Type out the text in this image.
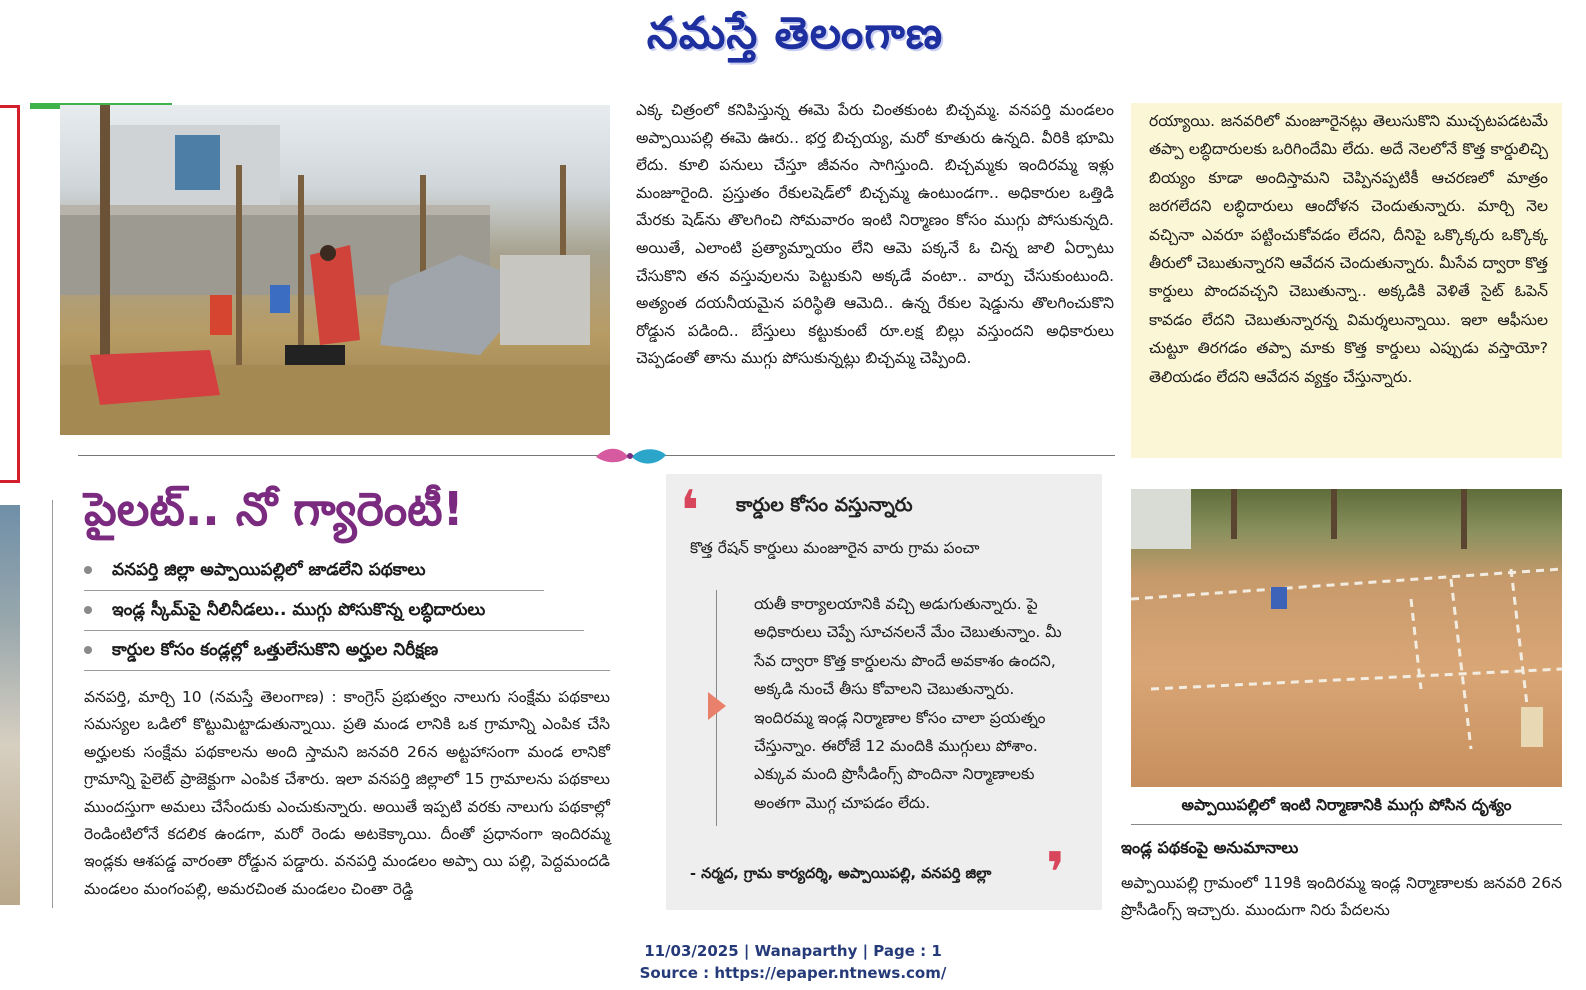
నమస్తే తెలంగాణ
ఎక్క చిత్రంలో కనిపిస్తున్న ఈమె పేరు చింతకుంట బిచ్చమ్మ. వనపర్తి మండలం అప్పాయిపల్లి ఈమె ఊరు.. భర్త బిచ్చయ్య, మరో కూతురు ఉన్నది. వీరికి భూమి లేదు. కూలి పనులు చేస్తూ జీవనం సాగిస్తుంది. బిచ్చమ్మకు ఇందిరమ్మ ఇళ్లు మంజూరైంది. ప్రస్తుతం రేకులషెడ్‌లో బిచ్చమ్మ ఉంటుండగా.. అధికారుల ఒత్తిడి మేరకు షెడ్‌ను తొలగించి సోమవారం ఇంటి నిర్మాణం కోసం ముగ్గు పోసుకున్నది. అయితే, ఎలాంటి ప్రత్యామ్నాయం లేని ఆమె పక్కనే ఓ చిన్న జాలి ఏర్పాటు చేసుకొని తన వస్తువులను పెట్టుకుని అక్కడే వంటా.. వార్పు చేసుకుంటుంది. అత్యంత దయనీయమైన పరిస్థితి ఆమెది.. ఉన్న రేకుల షెడ్డును తొలగించుకొని రోడ్డున పడింది.. బేస్తులు కట్టుకుంటే రూ.లక్ష బిల్లు వస్తుందని అధికారులు చెప్పడంతో తాను ముగ్గు పోసుకున్నట్లు బిచ్చమ్మ చెప్పింది.
రయ్యాయి. జనవరిలో మంజూరైనట్లు తెలుసుకొని ముచ్చటపడటమే తప్పా లబ్ధిదారులకు ఒరిగిందేమి లేదు. అదే నెలలోనే కొత్త కార్డులిచ్చి బియ్యం కూడా అందిస్తామని చెప్పినప్పటికీ ఆచరణలో మాత్రం జరగలేదని లబ్ధిదారులు ఆందోళన చెందుతున్నారు. మార్చి నెల వచ్చినా ఎవరూ పట్టించుకోవడం లేదని, దీనిపై ఒక్కొక్కరు ఒక్కొక్క తీరులో చెబుతున్నారని ఆవేదన చెందుతున్నారు. మీసేవ ద్వారా కొత్త కార్డులు పొందవచ్చని చెబుతున్నా.. అక్కడికి వెళితే సైట్ ఓపెన్ కావడం లేదని చెబుతున్నారన్న విమర్శలున్నాయి. ఇలా ఆఫీసుల చుట్టూ తిరగడం తప్పా మాకు కొత్త కార్డులు ఎప్పుడు వస్తాయో? తెలియడం లేదని ఆవేదన వ్యక్తం చేస్తున్నారు.
పైలట్.. నో గ్యారెంటీ!
వనపర్తి జిల్లా అప్పాయిపల్లిలో జాడలేని పథకాలు
ఇండ్ల స్కీమ్‌పై నీలినీడలు.. ముగ్గు పోసుకొన్న లబ్ధిదారులు
కార్డుల కోసం కండ్లల్లో ఒత్తులేసుకొని అర్హుల నిరీక్షణ
వనపర్తి, మార్చి 10 (నమస్తే తెలంగాణ) : కాంగ్రెస్ ప్రభుత్వం నాలుగు సంక్షేమ పథకాలు సమస్యల ఒడిలో కొట్టుమిట్టాడుతున్నాయి. ప్రతి మండ లానికి ఒక గ్రామాన్ని ఎంపిక చేసి అర్హులకు సంక్షేమ పథకాలను అంది స్తామని జనవరి 26న అట్టహాసంగా మండ లానికో గ్రామాన్ని పైలెట్ ప్రాజెక్టుగా ఎంపిక చేశారు. ఇలా వనపర్తి జిల్లాలో 15 గ్రామాలను పథకాలు ముందస్తుగా అమలు చేసేందుకు ఎంచుకున్నారు. అయితే ఇప్పటి వరకు నాలుగు పథకాల్లో రెండింటిలోనే కదలిక ఉండగా, మరో రెండు అటకెక్కాయి. దీంతో ప్రధానంగా ఇందిరమ్మ ఇండ్లకు ఆశపడ్డ వారంతా రోడ్డున పడ్డారు. వనపర్తి మండలం అప్పా యి పల్లి, పెద్దమందడి మండలం మంగంపల్లి, అమరచింత మండలం చింతా రెడ్డి
❛ కార్డుల కోసం వస్తున్నారు
కొత్త రేషన్ కార్డులు మంజూరైన వారు గ్రామ పంచా
యతీ కార్యాలయానికి వచ్చి అడుగుతున్నారు. పై అధికారులు చెప్పే సూచనలనే మేం చెబుతున్నాం. మీ సేవ ద్వారా కొత్త కార్డులను పొందే అవకాశం ఉందని, అక్కడి నుంచే తీసు కోవాలని చెబుతున్నారు. ఇందిరమ్మ ఇండ్ల నిర్మాణాల కోసం చాలా ప్రయత్నం చేస్తున్నాం. ఈరోజే 12 మందికి ముగ్గులు పోశాం. ఎక్కువ మంది ప్రొసీడింగ్స్ పొందినా నిర్మాణాలకు అంతగా మొగ్గ చూపడం లేదు.
- నర్మద, గ్రామ కార్యదర్శి, అప్పాయిపల్లి, వనపర్తి జిల్లా ❜
అప్పాయిపల్లిలో ఇంటి నిర్మాణానికి ముగ్గు పోసిన దృశ్యం
ఇండ్ల పథకంపై అనుమానాలు
అప్పాయిపల్లి గ్రామంలో 119కి ఇందిరమ్మ ఇండ్ల నిర్మాణాలకు జనవరి 26న ప్రొసీడింగ్స్ ఇచ్చారు. ముందుగా నిరు పేదలను
11/03/2025 | Wanaparthy | Page : 1
Source : https://epaper.ntnews.com/
